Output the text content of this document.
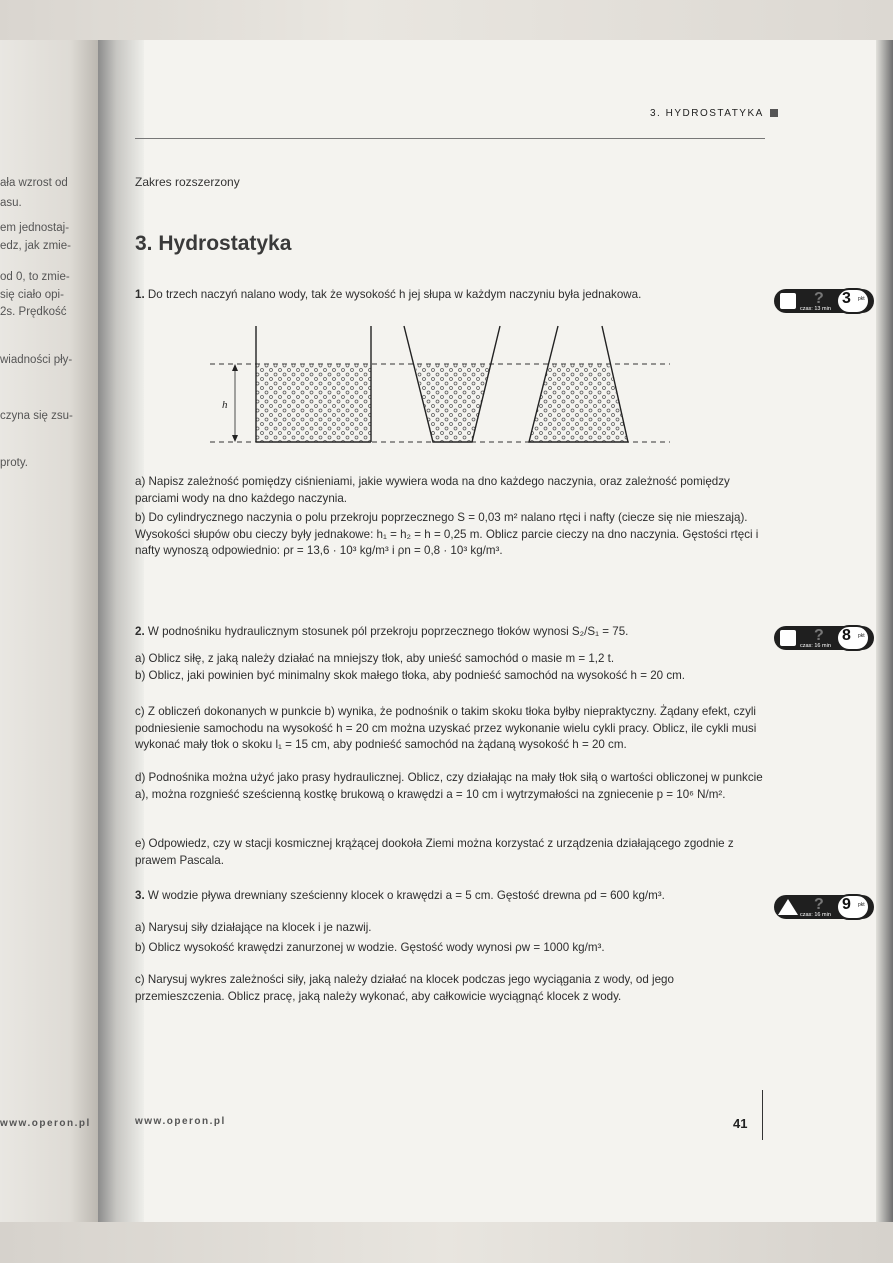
ała wzrost od
asu.
em jednostaj-
edz, jak zmie-
od 0, to zmie-
się ciało opi-
2s. Prędkość
wiadności pły-
czyna się zsu-
proty.
www.operon.pl
3. HYDROSTATYKA
Zakres rozszerzony
3. Hydrostatyka
1. Do trzech naczyń nalano wody, tak że wysokość h jej słupa w każdym naczyniu była jednakowa.	? 3 pkt
czas: 13 min
h
a) Napisz zależność pomiędzy ciśnieniami, jakie wywiera woda na dno każdego naczynia, oraz zależność pomiędzy parciami wody na dno każdego naczynia.
b) Do cylindrycznego naczynia o polu przekroju poprzecznego S = 0,03 m² nalano rtęci i nafty (ciecze się nie mieszają). Wysokości słupów obu cieczy były jednakowe: h₁ = h₂ = h = 0,25 m. Oblicz parcie cieczy na dno naczynia. Gęstości rtęci i nafty wynoszą odpowiednio: ρr = 13,6 · 10³ kg/m³ i ρn = 0,8 · 10³ kg/m³.
2. W podnośniku hydraulicznym stosunek pól przekroju poprzecznego tłoków wynosi S₂/S₁ = 75.	? 8 pkt
czas: 16 min
a) Oblicz siłę, z jaką należy działać na mniejszy tłok, aby unieść samochód o masie m = 1,2 t.
b) Oblicz, jaki powinien być minimalny skok małego tłoka, aby podnieść samochód na wysokość h = 20 cm.
c) Z obliczeń dokonanych w punkcie b) wynika, że podnośnik o takim skoku tłoka byłby niepraktyczny. Żądany efekt, czyli podniesienie samochodu na wysokość h = 20 cm można uzyskać przez wykonanie wielu cykli pracy. Oblicz, ile cykli musi wykonać mały tłok o skoku l₁ = 15 cm, aby podnieść samochód na żądaną wysokość h = 20 cm.
d) Podnośnika można użyć jako prasy hydraulicznej. Oblicz, czy działając na mały tłok siłą o wartości obliczonej w punkcie a), można rozgnieść sześcienną kostkę brukową o krawędzi a = 10 cm i wytrzymałości na zgniecenie p = 10⁶ N/m².
e) Odpowiedz, czy w stacji kosmicznej krążącej dookoła Ziemi można korzystać z urządzenia działającego zgodnie z prawem Pascala.
3. W wodzie pływa drewniany sześcienny klocek o krawędzi a = 5 cm. Gęstość drewna ρd = 600 kg/m³.
? 9 pkt
czas: 16 min
a) Narysuj siły działające na klocek i je nazwij.
b) Oblicz wysokość krawędzi zanurzonej w wodzie. Gęstość wody wynosi ρw = 1000 kg/m³.
c) Narysuj wykres zależności siły, jaką należy działać na klocek podczas jego wyciągania z wody, od jego przemieszczenia. Oblicz pracę, jaką należy wykonać, aby całkowicie wyciągnąć klocek z wody.
www.operon.pl	41
